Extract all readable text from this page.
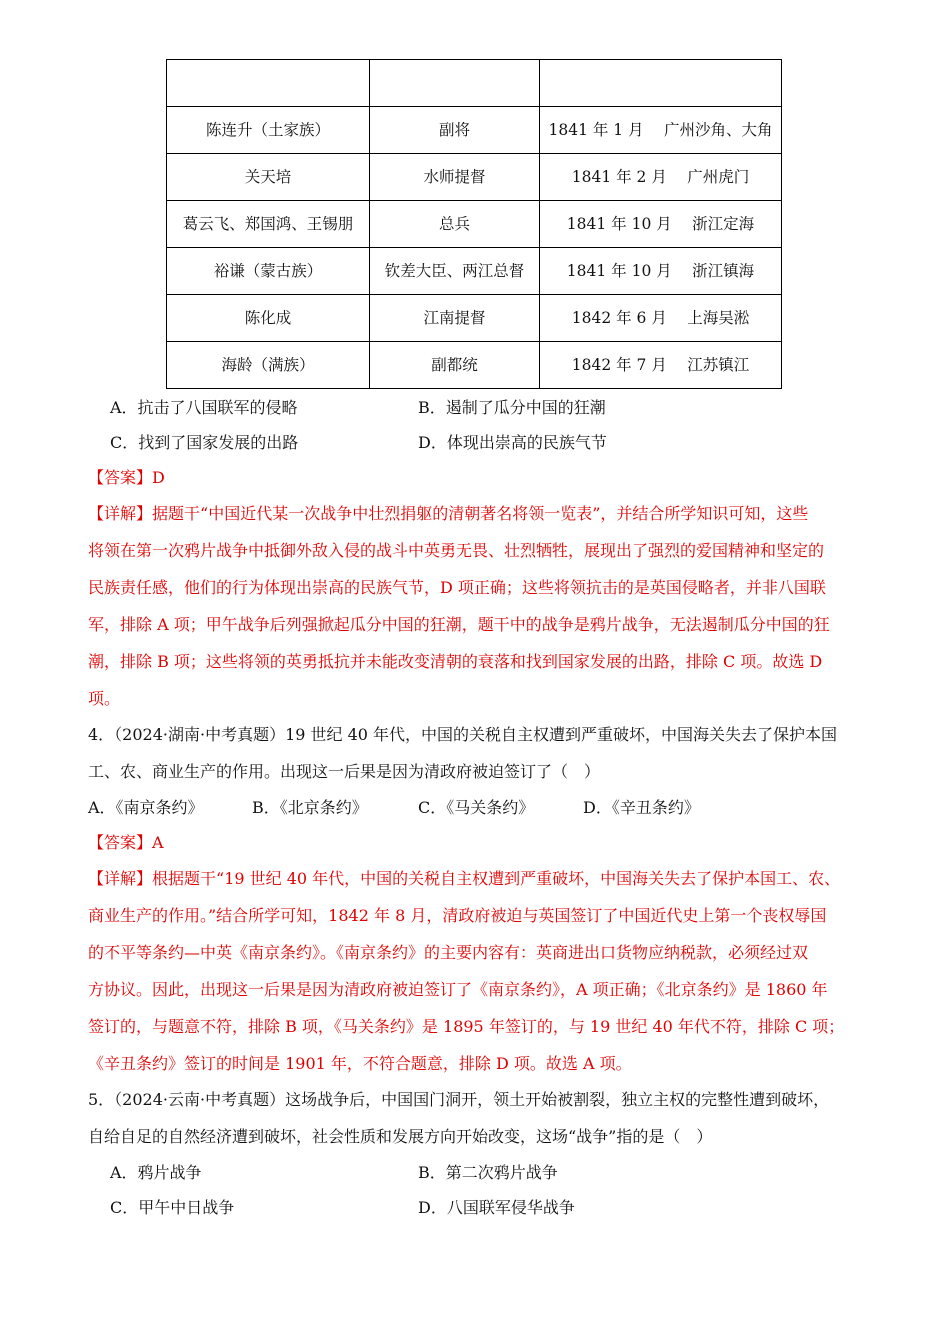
陈连升（土家族）	副将	1841 年 1 月　 广州沙角、大角
关天培	水师提督	1841 年 2 月　 广州虎门
葛云飞、郑国鸿、王锡朋	总兵	1841 年 10 月　 浙江定海
裕谦（蒙古族）	钦差大臣、两江总督	1841 年 10 月　 浙江镇海
陈化成	江南提督	1842 年 6 月　 上海吴淞
海龄（满族）	副都统	1842 年 7 月　 江苏镇江
A．抗击了八国联军的侵略	B．遏制了瓜分中国的狂潮
C．找到了国家发展的出路	D．体现出崇高的民族气节
【答案】D
【详解】据题干“中国近代某一次战争中壮烈捐躯的清朝著名将领一览表”，并结合所学知识可知，这些
将领在第一次鸦片战争中抵御外敌入侵的战斗中英勇无畏、壮烈牺牲，展现出了强烈的爱国精神和坚定的
民族责任感，他们的行为体现出崇高的民族气节，D 项正确；这些将领抗击的是英国侵略者，并非八国联
军，排除 A 项；甲午战争后列强掀起瓜分中国的狂潮，题干中的战争是鸦片战争，无法遏制瓜分中国的狂
潮，排除 B 项；这些将领的英勇抵抗并未能改变清朝的衰落和找到国家发展的出路，排除 C 项。故选 D
项。
4．（2024·湖南·中考真题）19 世纪 40 年代，中国的关税自主权遭到严重破坏，中国海关失去了保护本国
工、农、商业生产的作用。出现这一后果是因为清政府被迫签订了（　）
A．《南京条约》	B．《北京条约》	C．《马关条约》	D．《辛丑条约》
【答案】A
【详解】根据题干“19 世纪 40 年代，中国的关税自主权遭到严重破坏，中国海关失去了保护本国工、农、
商业生产的作用。”结合所学可知，1842 年 8 月，清政府被迫与英国签订了中国近代史上第一个丧权辱国
的不平等条约—中英《南京条约》。《南京条约》的主要内容有：英商进出口货物应纳税款，必须经过双
方协议。因此，出现这一后果是因为清政府被迫签订了《南京条约》，A 项正确；《北京条约》是 1860 年
签订的，与题意不符，排除 B 项，《马关条约》是 1895 年签订的，与 19 世纪 40 年代不符，排除 C 项；
《辛丑条约》签订的时间是 1901 年，不符合题意，排除 D 项。故选 A 项。
5．（2024·云南·中考真题）这场战争后，中国国门洞开，领土开始被割裂，独立主权的完整性遭到破坏，
自给自足的自然经济遭到破坏，社会性质和发展方向开始改变，这场“战争”指的是（　）
A．鸦片战争	B．第二次鸦片战争
C．甲午中日战争	D．八国联军侵华战争
